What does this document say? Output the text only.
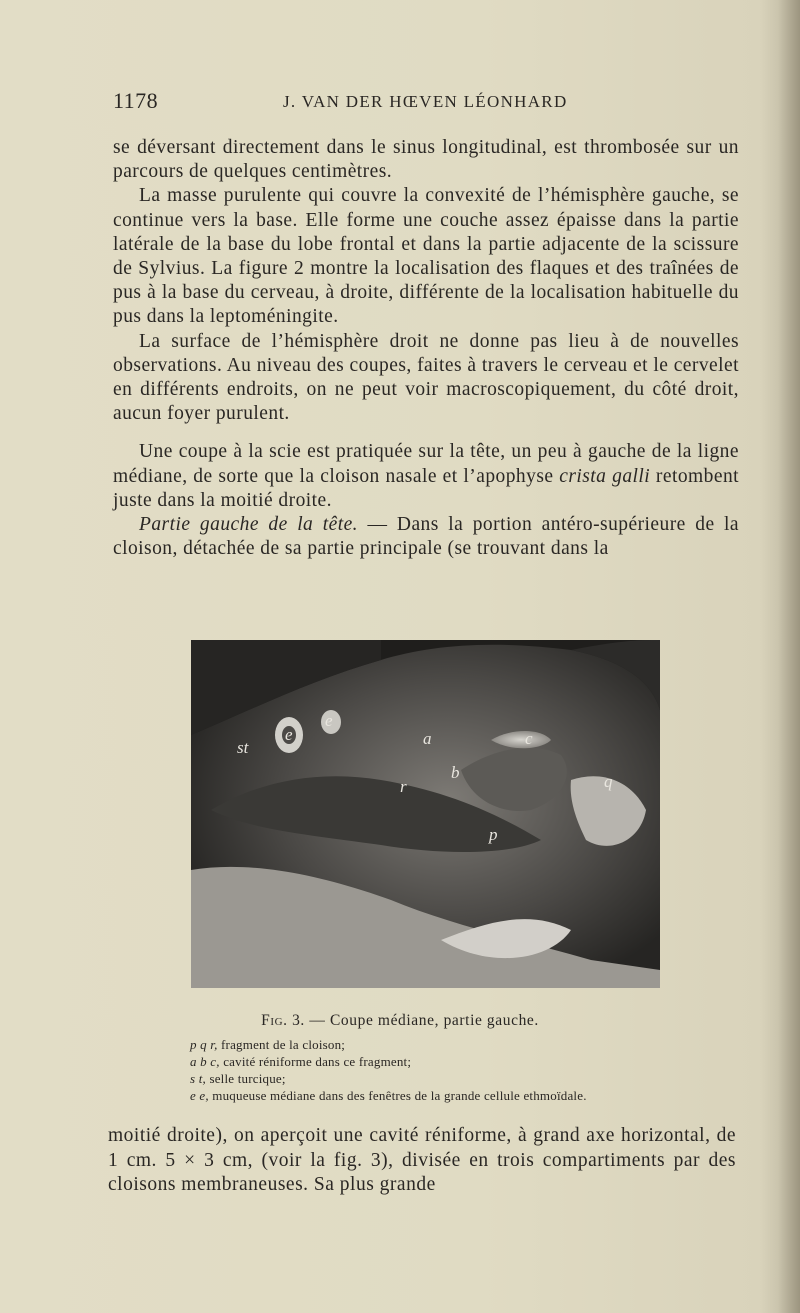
1178	J. VAN DER HŒVEN LÉONHARD

se déversant directement dans le sinus longitudinal, est thrombosée sur un parcours de quelques centimètres.

La masse purulente qui couvre la convexité de l’hémisphère gauche, se continue vers la base. Elle forme une couche assez épaisse dans la partie latérale de la base du lobe frontal et dans la partie adjacente de la scissure de Sylvius. La figure 2 montre la localisation des flaques et des traînées de pus à la base du cerveau, à droite, différente de la localisation habituelle du pus dans la leptoméningite.

La surface de l’hémisphère droit ne donne pas lieu à de nouvelles observations. Au niveau des coupes, faites à travers le cerveau et le cervelet en différents endroits, on ne peut voir macroscopiquement, du côté droit, aucun foyer purulent.

Une coupe à la scie est pratiquée sur la tête, un peu à gauche de la ligne médiane, de sorte que la cloison nasale et l’apophyse crista galli retombent juste dans la moitié droite.

Partie gauche de la tête. — Dans la portion antéro-supérieure de la cloison, détachée de sa partie principale (se trouvant dans la

st
e
e
a
b
c
r
p
q
Fig. 3. — Coupe médiane, partie gauche.
p q r, fragment de la cloison;
a b c, cavité réniforme dans ce fragment;
s t, selle turcique;
e e, muqueuse médiane dans des fenêtres de la grande cellule ethmoïdale.

moitié droite), on aperçoit une cavité réniforme, à grand axe horizontal, de 1 cm. 5 × 3 cm, (voir la fig. 3), divisée en trois compartiments par des cloisons membraneuses. Sa plus grande
